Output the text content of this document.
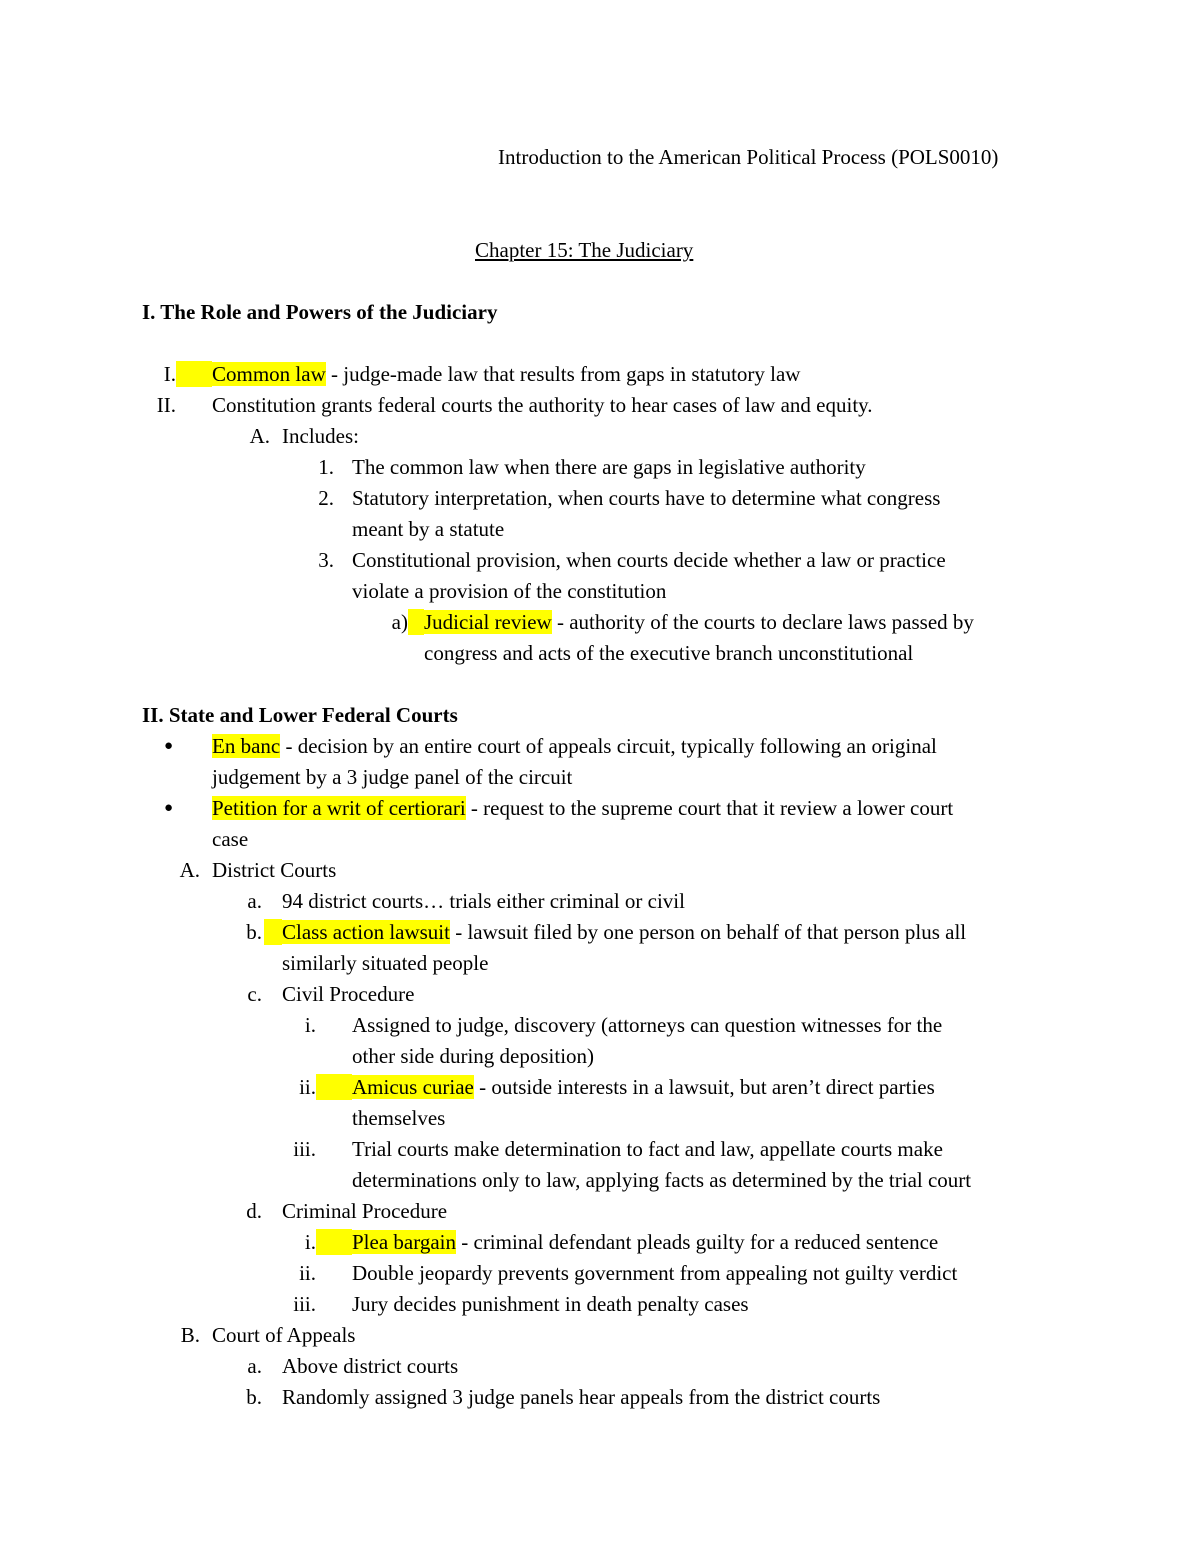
Introduction to the American Political Process (POLS0010)
Chapter 15: The Judiciary
I. The Role and Powers of the Judiciary
I. Common law - judge-made law that results from gaps in statutory law
II. Constitution grants federal courts the authority to hear cases of law and equity.
A. Includes:
1. The common law when there are gaps in legislative authority
2. Statutory interpretation, when courts have to determine what congress
meant by a statute
3. Constitutional provision, when courts decide whether a law or practice
violate a provision of the constitution
a) Judicial review - authority of the courts to declare laws passed by
congress and acts of the executive branch unconstitutional
II. State and Lower Federal Courts
● En banc - decision by an entire court of appeals circuit, typically following an original
judgement by a 3 judge panel of the circuit
● Petition for a writ of certiorari - request to the supreme court that it review a lower court
case
A. District Courts
a. 94 district courts… trials either criminal or civil
b. Class action lawsuit - lawsuit filed by one person on behalf of that person plus all
similarly situated people
c. Civil Procedure
i. Assigned to judge, discovery (attorneys can question witnesses for the
other side during deposition)
ii. Amicus curiae - outside interests in a lawsuit, but aren’t direct parties
themselves
iii. Trial courts make determination to fact and law, appellate courts make
determinations only to law, applying facts as determined by the trial court
d. Criminal Procedure
i. Plea bargain - criminal defendant pleads guilty for a reduced sentence
ii. Double jeopardy prevents government from appealing not guilty verdict
iii. Jury decides punishment in death penalty cases
B. Court of Appeals
a. Above district courts
b. Randomly assigned 3 judge panels hear appeals from the district courts
